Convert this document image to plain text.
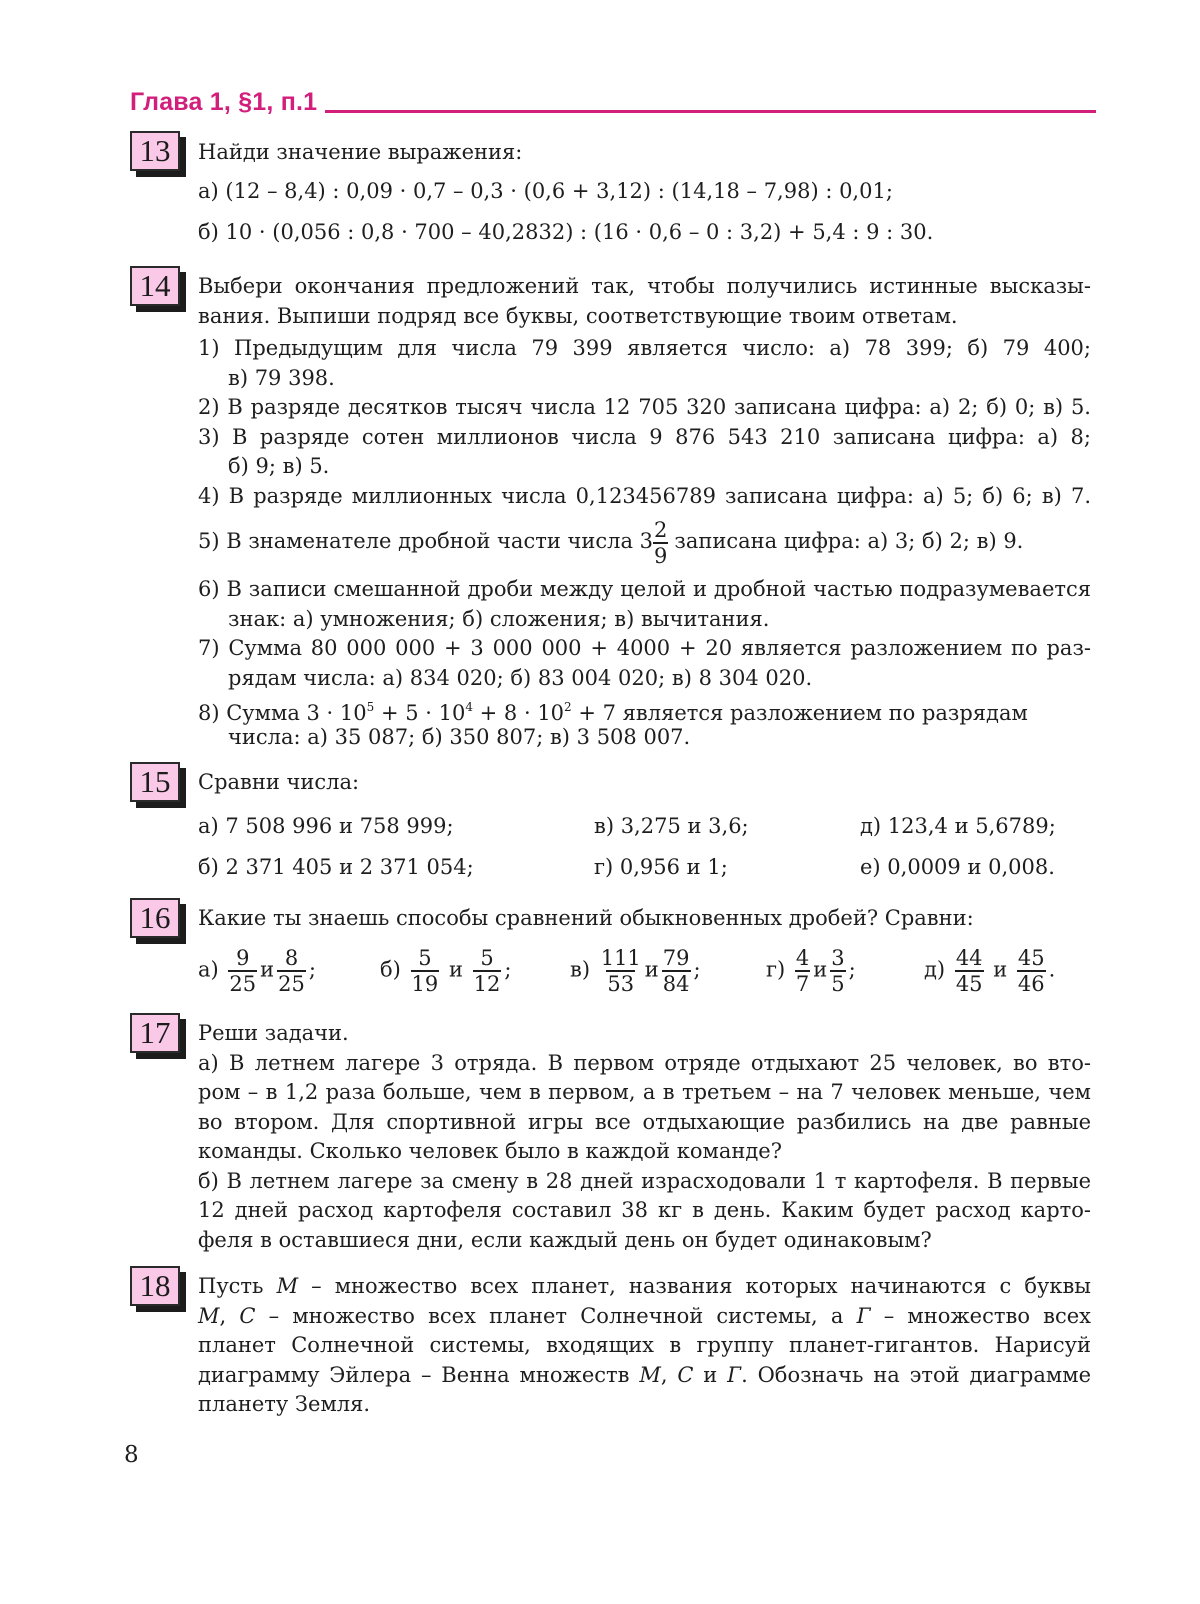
Глава 1, §1, п.1
13	Найди значение выражения:
а) (12 – 8,4) : 0,09 · 0,7 – 0,3 · (0,6 + 3,12) : (14,18 – 7,98) : 0,01;
б) 10 · (0,056 : 0,8 · 700 – 40,2832) : (16 · 0,6 – 0 : 3,2) + 5,4 : 9 : 30.
14	Выбери окончания предложений так, чтобы получились истинные высказы-
вания. Выпиши подряд все буквы, соответствующие твоим ответам.
1) Предыдущим для числа 79 399 является число: а) 78 399; б) 79 400;
в) 79 398.
2) В разряде десятков тысяч числа 12 705 320 записана цифра: а) 2; б) 0; в) 5.
3) В разряде сотен миллионов числа 9 876 543 210 записана цифра: а) 8;
б) 9; в) 5.
4) В разряде миллионных числа 0,123456789 записана цифра: а) 5; б) 6; в) 7.
5) В знаменателе дробной части числа $3 \frac{2}{9}$ записана цифра: а) 3; б) 2; в) 9.
6) В записи смешанной дроби между целой и дробной частью подразумевается
знак: а) умножения; б) сложения; в) вычитания.
7) Сумма 80 000 000 + 3 000 000 + 4000 + 20 является разложением по раз-
рядам числа: а) 834 020; б) 83 004 020; в) 8 304 020.
8) Сумма $3 \cdot 10^5 + 5 \cdot 10^4 + 8 \cdot 10^2 + 7$ является разложением по разрядам
числа: а) 35 087; б) 350 807; в) 3 508 007.
15	Сравни числа:
а) 7 508 996 и 758 999;	в) 3,275 и 3,6;	д) 123,4 и 5,6789;
б) 2 371 405 и 2 371 054;	г) 0,956 и 1;	е) 0,0009 и 0,008.
16	Какие ты знаешь способы сравнений обыкновенных дробей? Сравни:
$а) \frac{9}{25}$ и $\frac{8}{25}$ ;	$б) \frac{5}{19}$ и $\frac{5}{12}$ ;	$в) \frac{111}{53}$ и $\frac{79}{84}$ ;	$г) \frac{4}{7}$ и $\frac{3}{5}$ ;	$д) \frac{44}{45}$ и $\frac{45}{46}$ .
17	Реши задачи.
а) В летнем лагере 3 отряда. В первом отряде отдыхают 25 человек, во вто-
ром – в 1,2 раза больше, чем в первом, а в третьем – на 7 человек меньше, чем
во втором. Для спортивной игры все отдыхающие разбились на две равные
команды. Сколько человек было в каждой команде?
б) В летнем лагере за смену в 28 дней израсходовали 1 т картофеля. В первые
12 дней расход картофеля составил 38 кг в день. Каким будет расход карто-
феля в оставшиеся дни, если каждый день он будет одинаковым?
18	Пусть M – множество всех планет, названия которых начинаются с буквы
M, C – множество всех планет Солнечной системы, а Г – множество всех
планет Солнечной системы, входящих в группу планет-гигантов. Нарисуй
диаграмму Эйлера – Венна множеств M, C и Г. Обозначь на этой диаграмме
планету Земля.
8
